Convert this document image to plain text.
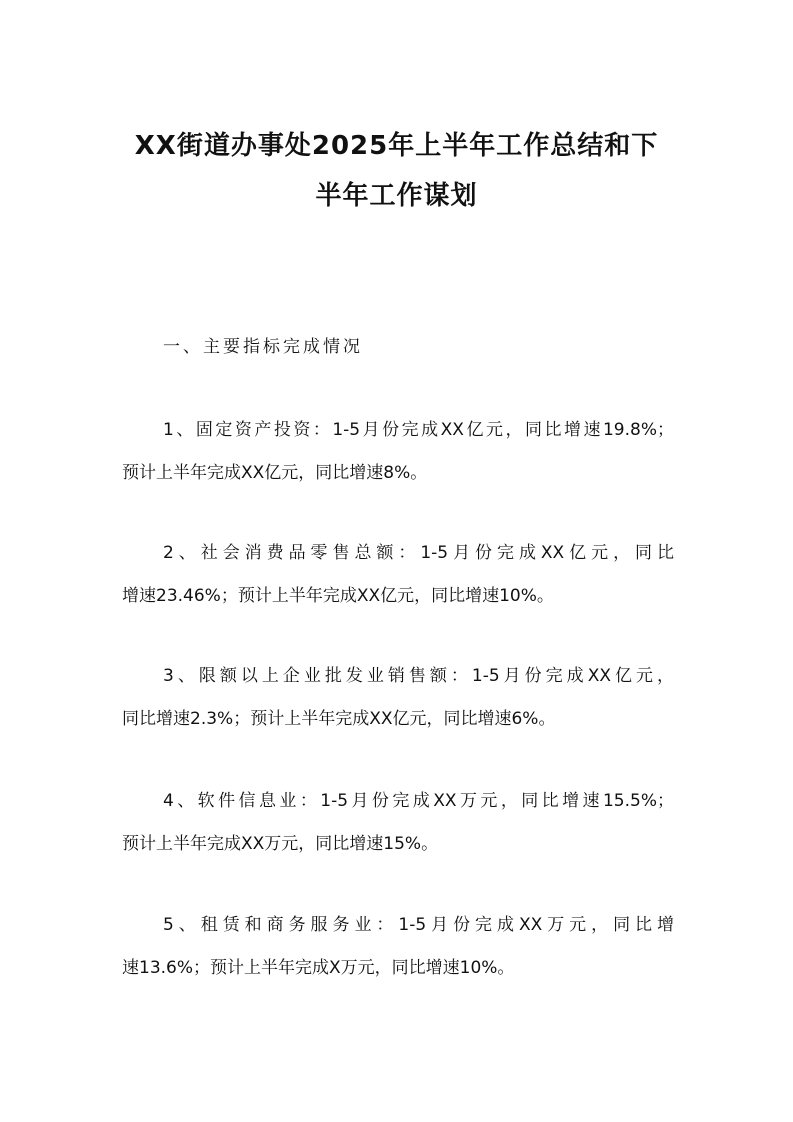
XX街道办事处2025年上半年工作总结和下
半年工作谋划
一、主要指标完成情况
1、固定资产投资：1-5月份完成XX亿元，同比增速19.8%；
预计上半年完成XX亿元，同比增速8%。
2、社会消费品零售总额：1-5月份完成XX亿元，同比
增速23.46%；预计上半年完成XX亿元，同比增速10%。
3、限额以上企业批发业销售额：1-5月份完成XX亿元，
同比增速2.3%；预计上半年完成XX亿元，同比增速6%。
4、软件信息业：1-5月份完成XX万元，同比增速15.5%；
预计上半年完成XX万元，同比增速15%。
5、租赁和商务服务业：1-5月份完成XX万元，同比增
速13.6%；预计上半年完成X万元，同比增速10%。
